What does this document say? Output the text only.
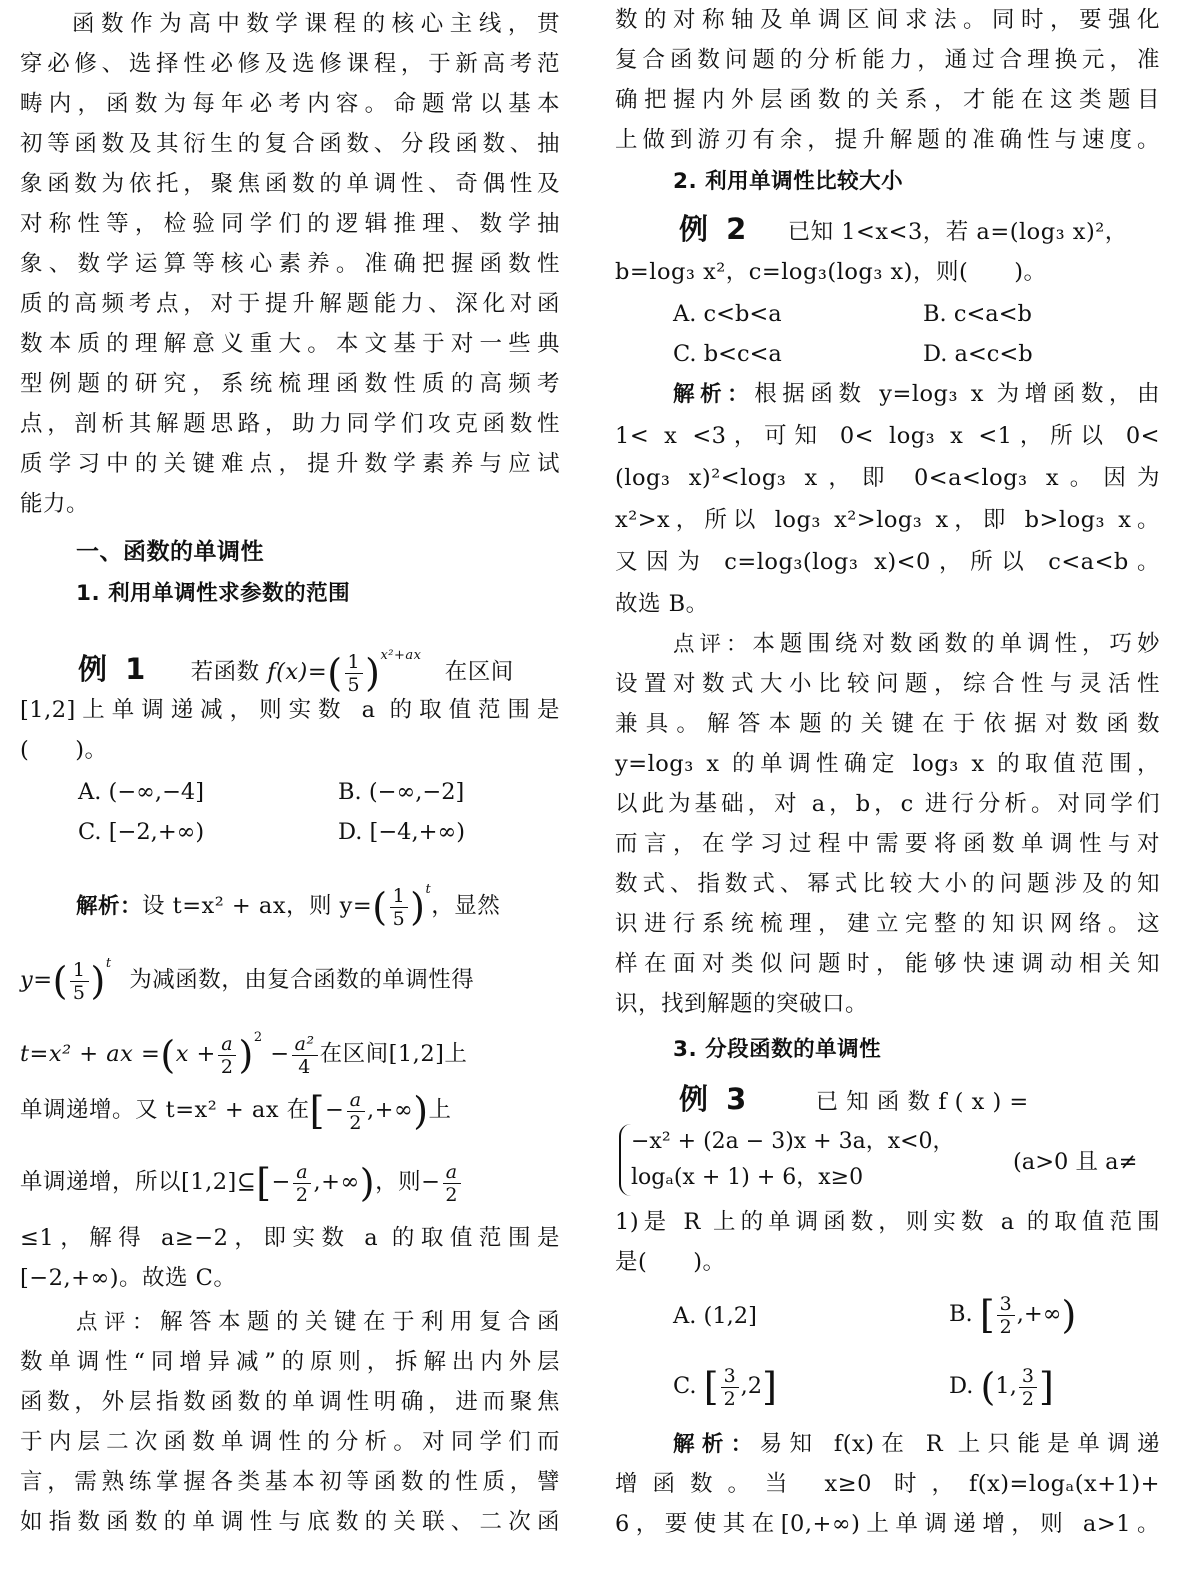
函数作为高中数学课程的核心主线，贯
穿必修、选择性必修及选修课程，于新高考范
畴内，函数为每年必考内容。命题常以基本
初等函数及其衍生的复合函数、分段函数、抽
象函数为依托，聚焦函数的单调性、奇偶性及
对称性等，检验同学们的逻辑推理、数学抽
象、数学运算等核心素养。准确把握函数性
质的高频考点，对于提升解题能力、深化对函
数本质的理解意义重大。本文基于对一些典
型例题的研究，系统梳理函数性质的高频考
点，剖析其解题思路，助力同学们攻克函数性
质学习中的关键难点，提升数学素养与应试
能力。
一、函数的单调性
1. 利用单调性求参数的范围
例 1 若函数 $f(x)=( \frac{1}{5} )^{x^2+ax}$  在区间
[1,2]上单调递减，则实数 a 的取值范围是
(　　)。
A. (−∞,−4]	B. (−∞,−2]
C. [−2,+∞)	D. [−4,+∞)
解析：设 t=x² + ax，则 $y=( \frac{1}{5} )^t$，显然
$y=( \frac{1}{5} )^t$ 为减函数，由复合函数的单调性得
t=x² + ax $=(x + \frac{a}{2} )^2 - \frac{\text{a²}}{4}$ 在区间[1,2]上
单调递增。又 t=x² + ax 在[− $\frac{a}{2}$ ,+∞)上
单调递增，所以[1,2]⊆[− $\frac{a}{2}$ ,+∞)，则− $\frac{a}{2}$
≤1，解得 a≥−2，即实数 a 的取值范围是
[−2,+∞)。故选 C。
点评：解答本题的关键在于利用复合函
数单调性“同增异减”的原则，拆解出内外层
函数，外层指数函数的单调性明确，进而聚焦
于内层二次函数单调性的分析。对同学们而
言，需熟练掌握各类基本初等函数的性质，譬
如指数函数的单调性与底数的关联、二次函
数的对称轴及单调区间求法。同时，要强化
复合函数问题的分析能力，通过合理换元，准
确把握内外层函数的关系，才能在这类题目
上做到游刃有余，提升解题的准确性与速度。
2. 利用单调性比较大小
例 2 已知 1<x<3，若 a=(log₃ x)²，
b=log₃ x²，c=log₃(log₃ x)，则(　　)。
A. c<b<a	B. c<a<b
C. b<c<a	D. a<c<b
解析：根据函数 y=log₃ x 为增函数，由
1< x <3，可知 0< log₃ x <1，所以 0<
(log₃ x)²<log₃ x，即 0<a<log₃ x。因为
x²>x，所以 log₃ x²>log₃ x，即 b>log₃ x。
又因为 c=log₃(log₃ x)<0，所以 c<a<b。
故选 B。
点评：本题围绕对数函数的单调性，巧妙
设置对数式大小比较问题，综合性与灵活性
兼具。解答本题的关键在于依据对数函数
y=log₃ x 的单调性确定 log₃ x 的取值范围，
以此为基础，对 a，b，c 进行分析。对同学们
而言，在学习过程中需要将函数单调性与对
数式、指数式、幂式比较大小的问题涉及的知
识进行系统梳理，建立完整的知识网络。这
样在面对类似问题时，能够快速调动相关知
识，找到解题的突破口。
3. 分段函数的单调性
例 3	已 知 函 数 f ( x ) =
−x² + (2a − 3)x + 3a，x<0，
logₐ(x + 1) + 6，x≥0
(a>0 且 a≠
1)是 R 上的单调函数，则实数 a 的取值范围
是(　　)。
A. (1,2]	B. [ $\frac{3}{2}$ ,+∞)
C. [ $\frac{3}{2} ,2$]	D. (1, $\frac{3}{2}$ ]
解析：易知 f(x)在 R 上只能是单调递
增函数。当 x≥0 时，f(x)=logₐ(x+1)+
6，要使其在[0,+∞)上单调递增，则 a>1。
